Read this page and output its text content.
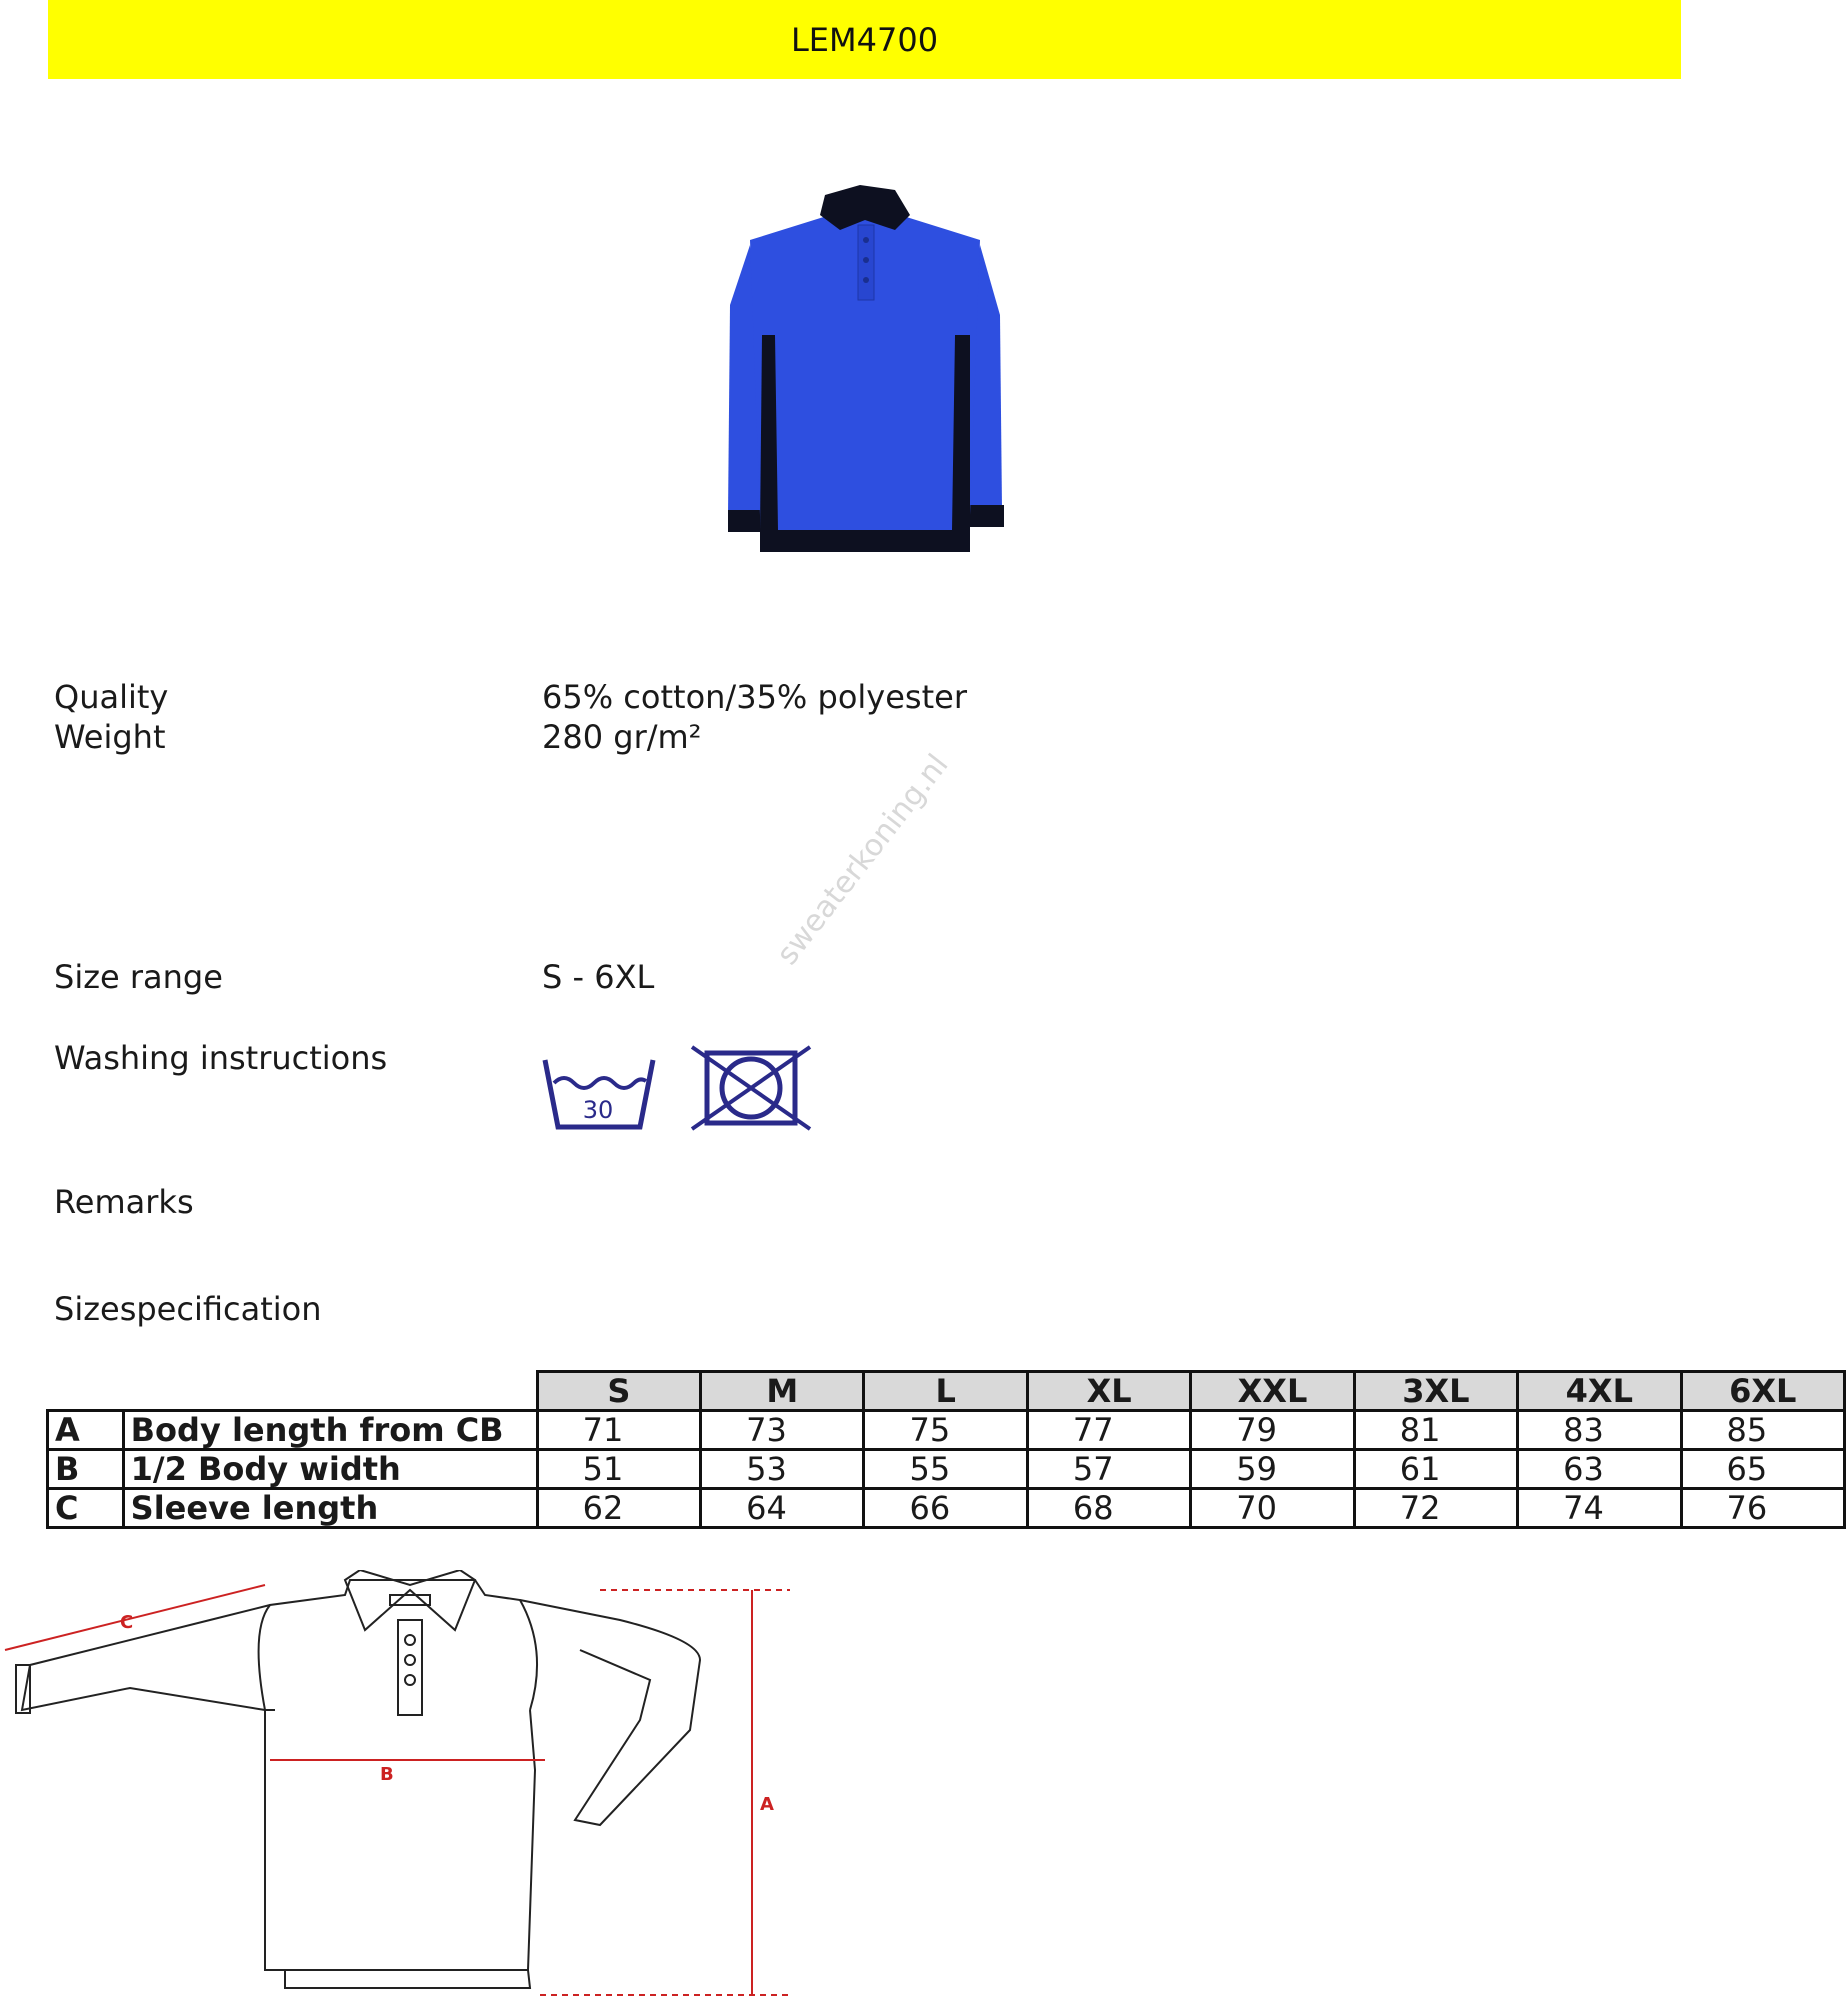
LEM4700
Quality	65% cotton/35% polyester
Weight	280 gr/m²
Size range	S - 6XL
sweaterkoning.nl
Washing instructions
30
Remarks
Sizespecification
		S	M	L	XL	XXL	3XL	4XL	6XL
A	Body length from CB	71	73	75	77	79	81	83	85
B	1/2 Body width	51	53	55	57	59	61	63	65
C	Sleeve length	62	64	66	68	70	72	74	76
B
A
C
